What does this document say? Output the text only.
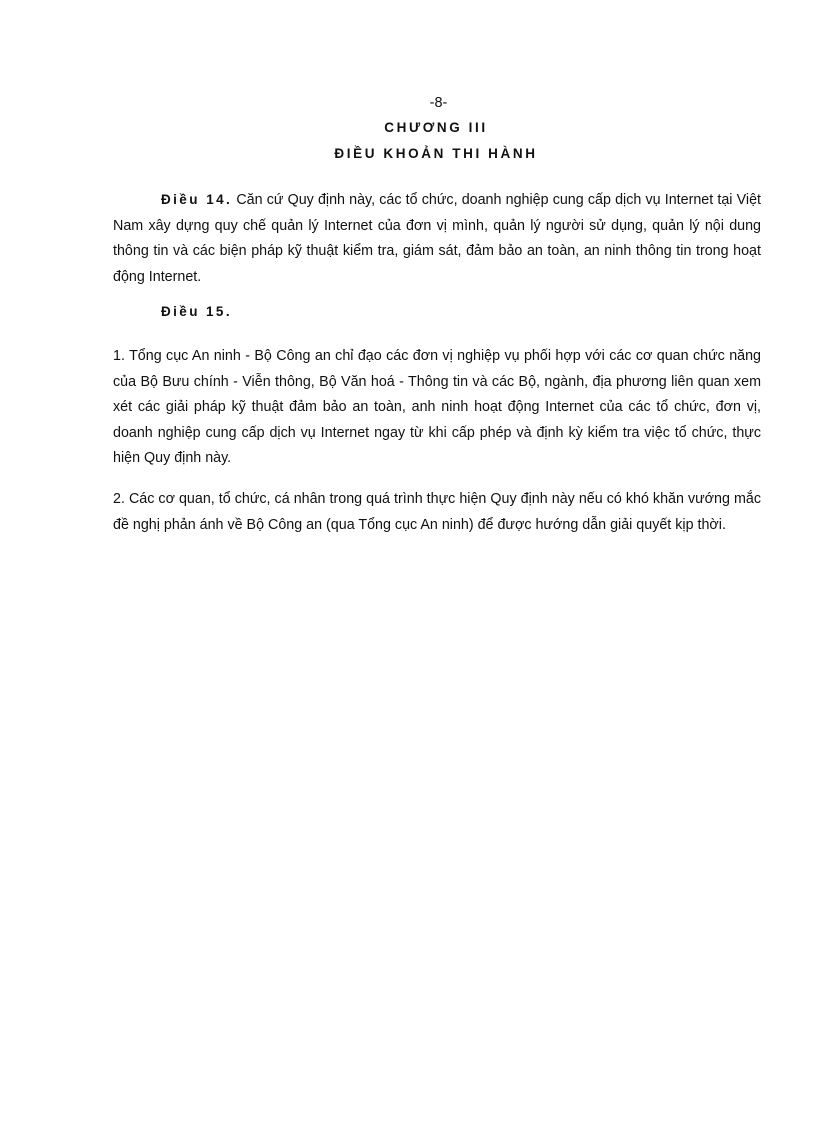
-8-
CHƯƠNG III
ĐIỀU KHOẢN THI HÀNH
Điều 14. Căn cứ Quy định này, các tổ chức, doanh nghiệp cung cấp dịch vụ Internet tại Việt Nam xây dựng quy chế quản lý Internet của đơn vị mình, quản lý người sử dụng, quản lý nội dung thông tin và các biện pháp kỹ thuật kiểm tra, giám sát, đảm bảo an toàn, an ninh thông tin trong hoạt động Internet.
Điều 15.
1. Tổng cục An ninh - Bộ Công an chỉ đạo các đơn vị nghiệp vụ phối hợp với các cơ quan chức năng của Bộ Bưu chính - Viễn thông, Bộ Văn hoá - Thông tin và các Bộ, ngành, địa phương liên quan xem xét các giải pháp kỹ thuật đảm bảo an toàn, anh ninh hoạt động Internet của các tổ chức, đơn vị, doanh nghiệp cung cấp dịch vụ Internet ngay từ khi cấp phép và định kỳ kiểm tra việc tổ chức, thực hiện Quy định này.
2. Các cơ quan, tổ chức, cá nhân trong quá trình thực hiện Quy định này nếu có khó khăn vướng mắc đề nghị phản ánh về Bộ Công an (qua Tổng cục An ninh) để được hướng dẫn giải quyết kịp thời.
